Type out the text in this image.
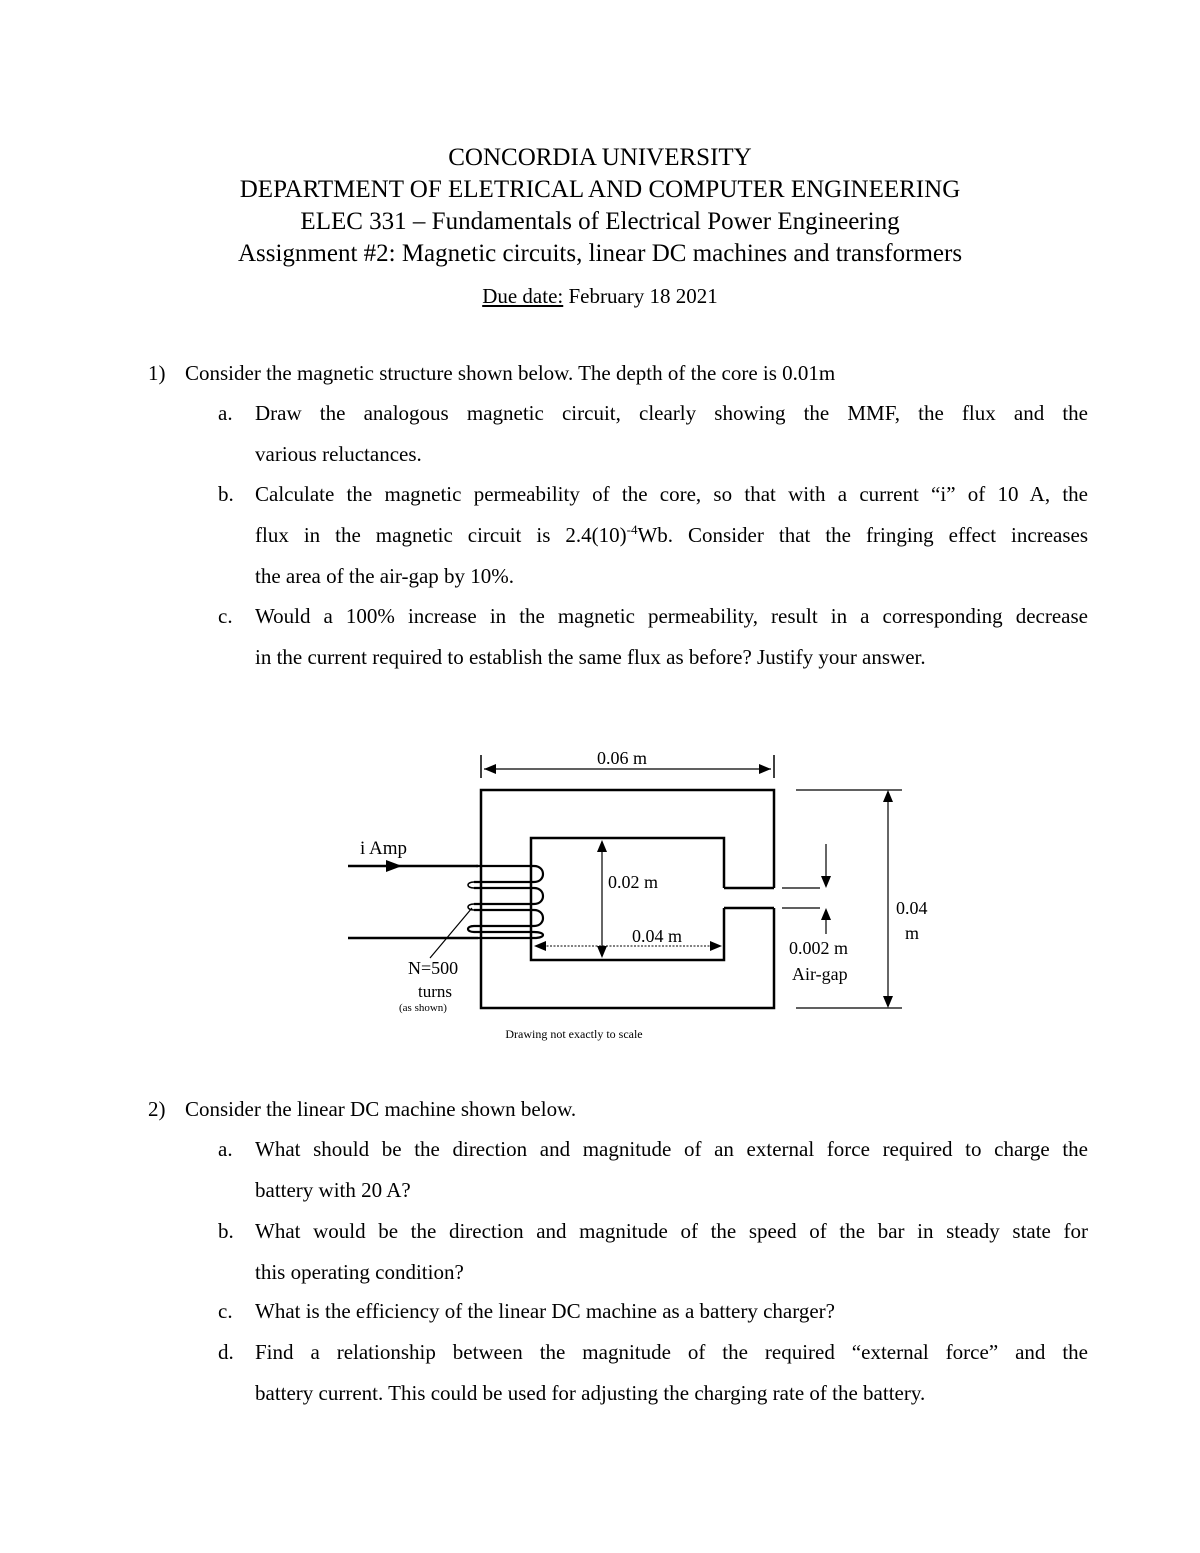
CONCORDIA UNIVERSITY
DEPARTMENT OF ELETRICAL AND COMPUTER ENGINEERING
ELEC 331 – Fundamentals of Electrical Power Engineering
Assignment #2: Magnetic circuits, linear DC machines and transformers
Due date: February 18 2021
1) Consider the magnetic structure shown below. The depth of the core is 0.01m
a. Draw the analogous magnetic circuit, clearly showing the MMF, the flux and the
various reluctances.
b. Calculate the magnetic permeability of the core, so that with a current “i” of 10 A, the
flux in the magnetic circuit is $2.4(10)^{-4}Wb$. Consider that the fringing effect increases
the area of the air-gap by 10%.
c. Would a 100% increase in the magnetic permeability, result in a corresponding decrease
in the current required to establish the same flux as before? Justify your answer.
0.06 m
i Amp
N=500
turns
(as shown)
0.02 m
0.04 m
0.002 m
Air-gap
0.04
m
Drawing not exactly to scale
2) Consider the linear DC machine shown below.
a. What should be the direction and magnitude of an external force required to charge the
battery with 20 A?
b. What would be the direction and magnitude of the speed of the bar in steady state for
this operating condition?
c. What is the efficiency of the linear DC machine as a battery charger?
d. Find a relationship between the magnitude of the required “external force” and the
battery current. This could be used for adjusting the charging rate of the battery.
